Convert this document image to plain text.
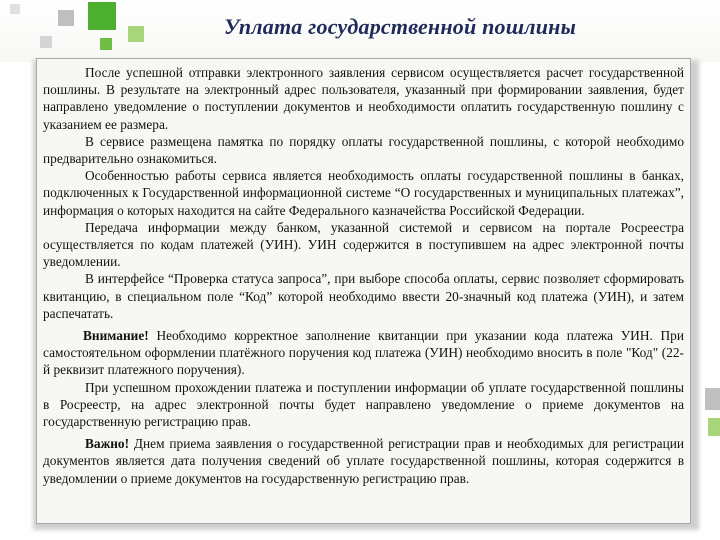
Уплата государственной пошлины

После успешной отправки электронного заявления сервисом осуществляется расчет государственной пошлины. В результате на электронный адрес пользователя, указанный при формировании заявления, будет направлено уведомление о поступлении документов и необходимости оплатить государственную пошлину с указанием ее размера.

В сервисе размещена памятка по порядку оплаты государственной пошлины, с которой необходимо предварительно ознакомиться.

Особенностью работы сервиса является необходимость оплаты государственной пошлины в банках, подключенных к Государственной информационной системе “О государственных и муниципальных платежах”, информация о которых находится на сайте Федерального казначейства Российской Федерации.

Передача информации между банком, указанной системой и сервисом на портале Росреестра осуществляется по кодам платежей (УИН). УИН содержится в поступившем на адрес электронной почты уведомлении.

В интерфейсе “Проверка статуса запроса”, при выборе способа оплаты, сервис позволяет сформировать квитанцию, в специальном поле “Код” которой необходимо ввести 20-значный код платежа (УИН), и затем распечатать.

Внимание! Необходимо корректное заполнение квитанции при указании кода платежа УИН. При самостоятельном оформлении платёжного поручения код платежа (УИН) необходимо вносить в поле "Код" (22-й реквизит платежного поручения).

При успешном прохождении платежа и поступлении информации об уплате государственной пошлины в Росреестр, на адрес электронной почты будет направлено уведомление о приеме документов на государственную регистрацию прав.

Важно! Днем приема заявления о государственной регистрации прав и необходимых для регистрации документов является дата получения сведений об уплате государственной пошлины, которая содержится в уведомлении о приеме документов на государственную регистрацию прав.
